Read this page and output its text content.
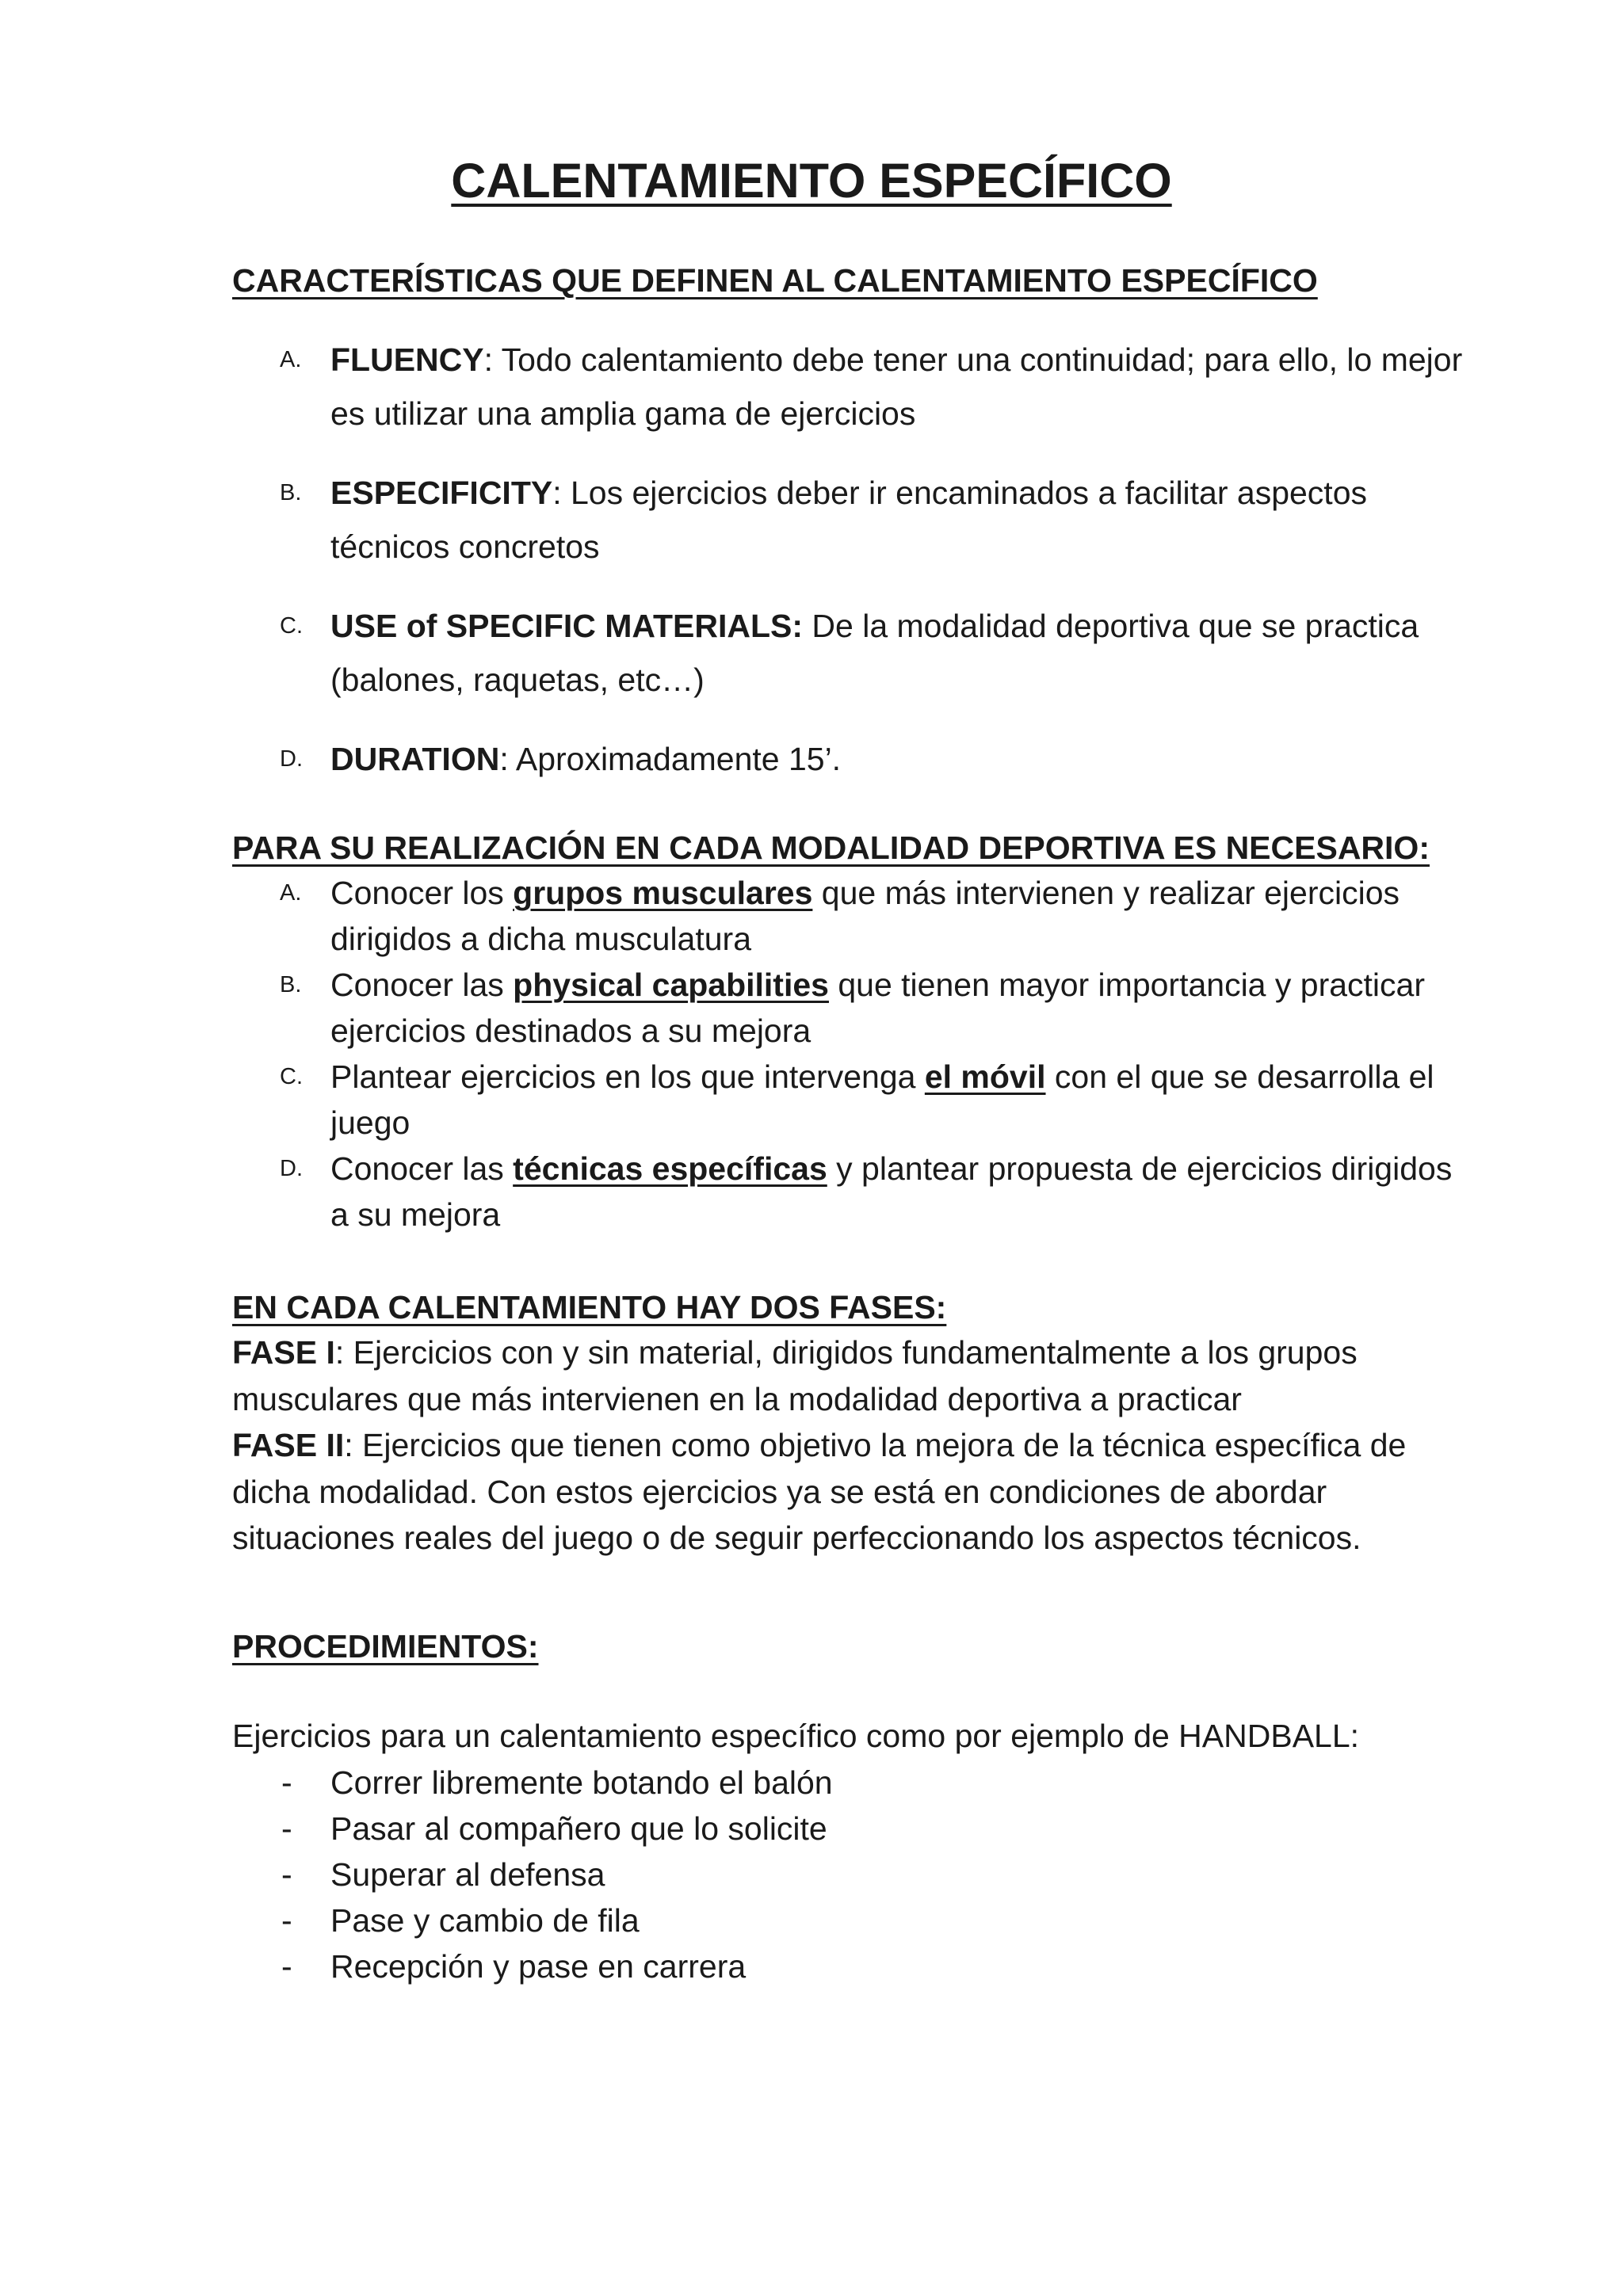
CALENTAMIENTO ESPECÍFICO
CARACTERÍSTICAS QUE DEFINEN AL CALENTAMIENTO ESPECÍFICO
A. FLUENCY: Todo calentamiento debe tener una continuidad; para ello, lo mejor es utilizar una amplia gama de ejercicios
B. ESPECIFICITY: Los ejercicios deber ir encaminados a facilitar aspectos técnicos concretos
C. USE of SPECIFIC MATERIALS: De la modalidad deportiva que se practica (balones, raquetas, etc…)
D. DURATION: Aproximadamente 15’.
PARA SU REALIZACIÓN EN CADA MODALIDAD DEPORTIVA ES NECESARIO:
A. Conocer los grupos musculares que más intervienen y realizar ejercicios dirigidos a dicha musculatura
B. Conocer las physical capabilities que tienen mayor importancia y practicar ejercicios destinados a su mejora
C. Plantear ejercicios en los que intervenga el móvil con el que se desarrolla el juego
D. Conocer las técnicas específicas y plantear propuesta de ejercicios dirigidos a su mejora
EN CADA CALENTAMIENTO HAY DOS FASES:
FASE I: Ejercicios con y sin material, dirigidos fundamentalmente a los grupos musculares que más intervienen en la modalidad deportiva a practicar
FASE II: Ejercicios que tienen como objetivo la mejora de la técnica específica de dicha modalidad. Con estos ejercicios ya se está en condiciones de abordar situaciones reales del juego o de seguir perfeccionando los aspectos técnicos.
PROCEDIMIENTOS:
Ejercicios para un calentamiento específico como por ejemplo de HANDBALL:
- Correr libremente botando el balón
- Pasar al compañero que lo solicite
- Superar al defensa
- Pase y cambio de fila
- Recepción y pase en carrera
